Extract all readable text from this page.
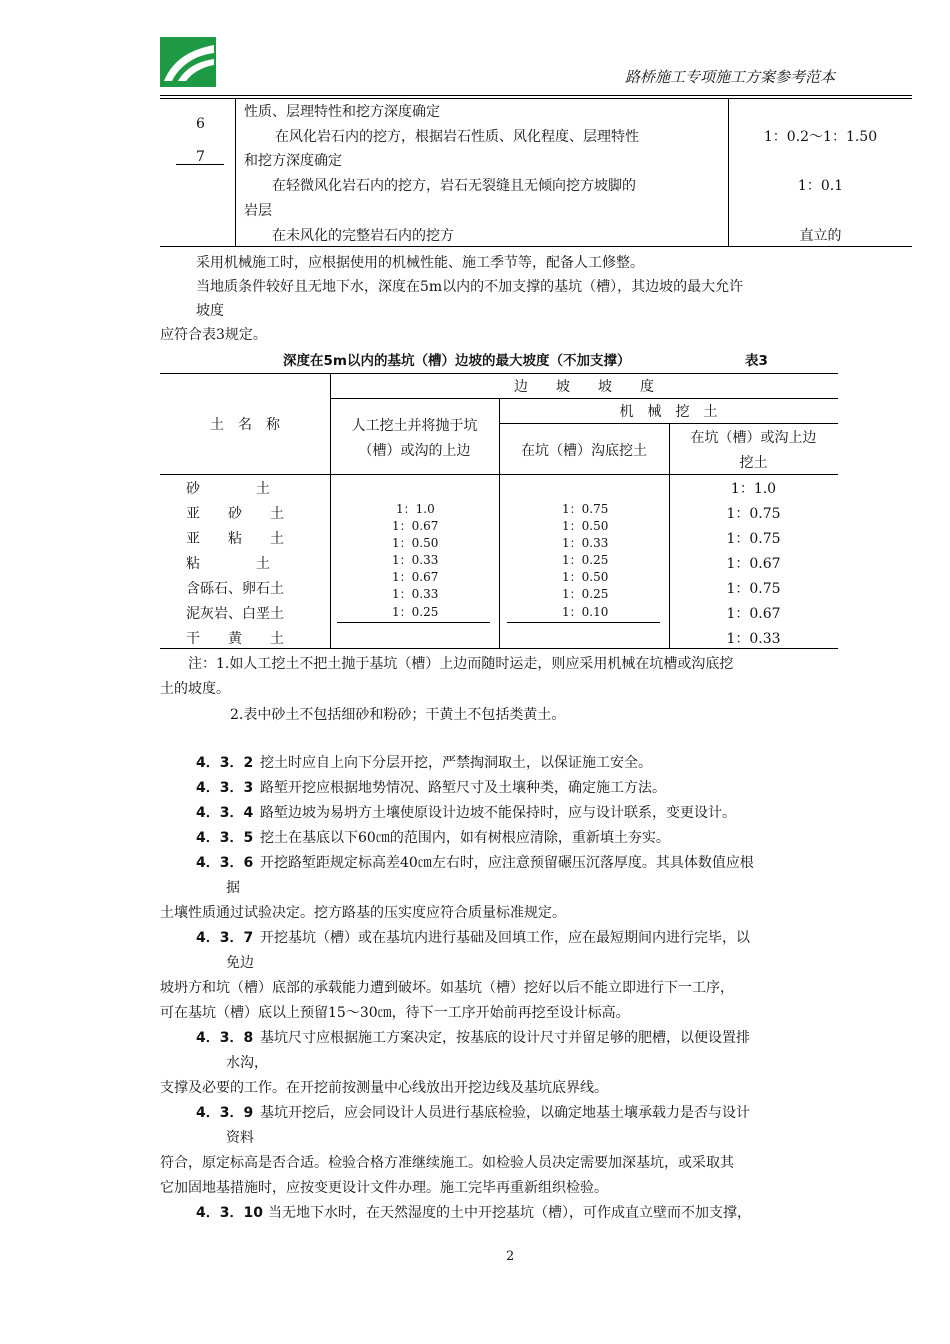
路桥施工专项施工方案参考范本
6
7
性质、层理特性和挖方深度确定
在风化岩石内的挖方，根据岩石性质、风化程度、层理特性
和挖方深度确定
在轻微风化岩石内的挖方，岩石无裂缝且无倾向挖方坡脚的
岩层
在未风化的完整岩石内的挖方
1：0.2～1：1.50
1：0.1
直立的
采用机械施工时，应根据使用的机械性能、施工季节等，配备人工修整。
当地质条件较好且无地下水，深度在5m以内的不加支撑的基坑（槽），其边坡的最大允许
坡度
应符合表3规定。
深度在5m以内的基坑（槽）边坡的最大坡度（不加支撑）	表3
土　名　称
边　　坡　　坡　　度
人工挖土并将抛于坑
（槽）或沟的上边
机　械　挖　土
在坑（槽）沟底挖土
在坑（槽）或沟上边
挖土
砂　　　　土
亚　　砂　　土
亚　　粘　　土
粘　　　　土
含砾石、卵石土
泥灰岩、白垩土
干　　黄　　土
1：1.0
1：0.67
1：0.50
1：0.33
1：0.67
1：0.33
1：0.25
1：0.75
1：0.50
1：0.33
1：0.25
1：0.50
1：0.25
1：0.10
1：1.0
1：0.75
1：0.75
1：0.67
1：0.75
1：0.67
1：0.33
注：1.如人工挖土不把土抛于基坑（槽）上边而随时运走，则应采用机械在坑槽或沟底挖
土的坡度。
2.表中砂土不包括细砂和粉砂；干黄土不包括类黄土。
4．3．2 挖土时应自上向下分层开挖，严禁掏洞取土，以保证施工安全。
4．3．3 路堑开挖应根据地势情况、路堑尺寸及土壤种类，确定施工方法。
4．3．4 路堑边坡为易坍方土壤使原设计边坡不能保持时，应与设计联系，变更设计。
4．3．5 挖土在基底以下60㎝的范围内，如有树根应清除，重新填土夯实。
4．3．6 开挖路堑距规定标高差40㎝左右时，应注意预留碾压沉落厚度。其具体数值应根
据
土壤性质通过试验决定。挖方路基的压实度应符合质量标准规定。
4．3．7 开挖基坑（槽）或在基坑内进行基础及回填工作，应在最短期间内进行完毕，以
免边
坡坍方和坑（槽）底部的承载能力遭到破坏。如基坑（槽）挖好以后不能立即进行下一工序，
可在基坑（槽）底以上预留15～30㎝，待下一工序开始前再挖至设计标高。
4．3．8 基坑尺寸应根据施工方案决定，按基底的设计尺寸并留足够的肥槽，以便设置排
水沟，
支撑及必要的工作。在开挖前按测量中心线放出开挖边线及基坑底界线。
4．3．9 基坑开挖后，应会同设计人员进行基底检验，以确定地基土壤承载力是否与设计
资料
符合，原定标高是否合适。检验合格方准继续施工。如检验人员决定需要加深基坑，或采取其
它加固地基措施时，应按变更设计文件办理。施工完毕再重新组织检验。
4．3．10 当无地下水时，在天然湿度的土中开挖基坑（槽），可作成直立壁而不加支撑，
2
